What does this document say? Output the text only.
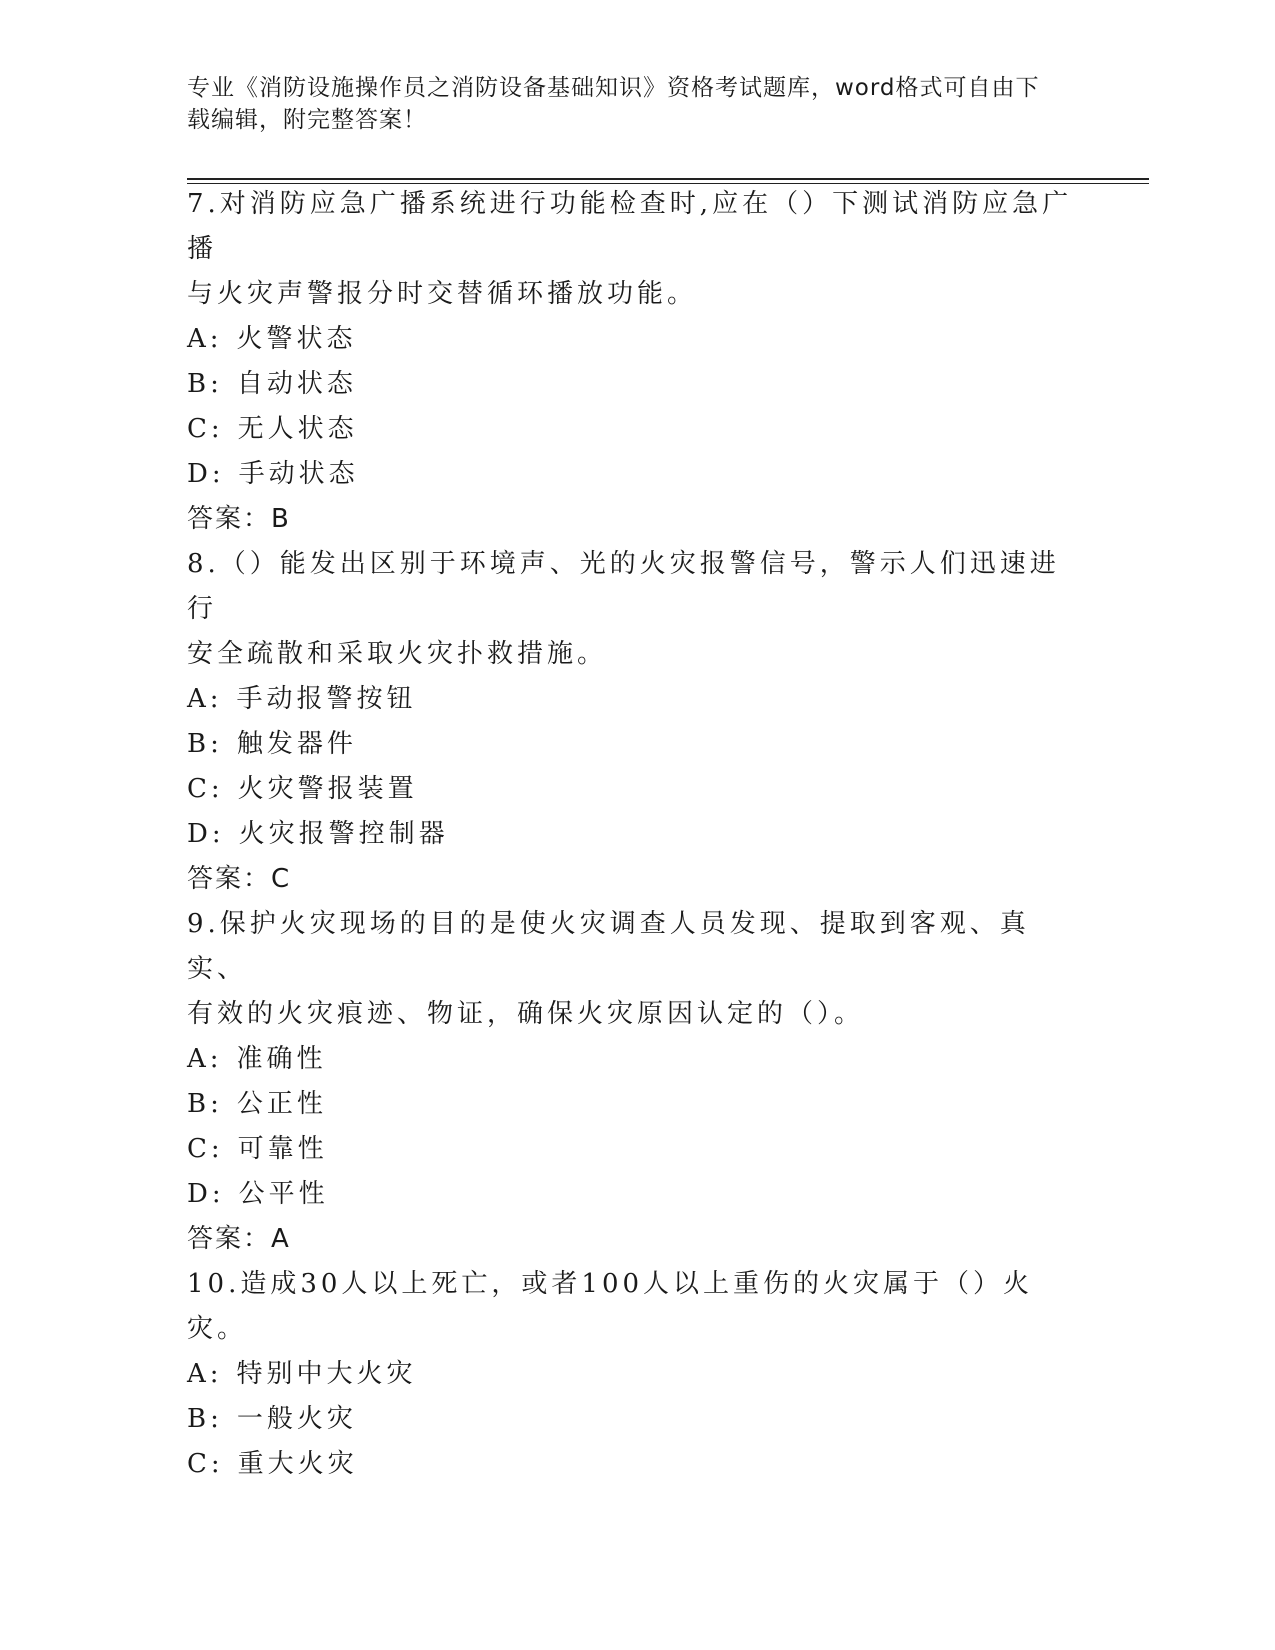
专业《消防设施操作员之消防设备基础知识》资格考试题库，word格式可自由下
载编辑，附完整答案！
7.对消防应急广播系统进行功能检查时,应在（）下测试消防应急广播
与火灾声警报分时交替循环播放功能。
A: 火警状态
B: 自动状态
C: 无人状态
D: 手动状态
答案：B
8.（）能发出区别于环境声、光的火灾报警信号，警示人们迅速进行
安全疏散和采取火灾扑救措施。
A: 手动报警按钮
B: 触发器件
C: 火灾警报装置
D: 火灾报警控制器
答案：C
9.保护火灾现场的目的是使火灾调查人员发现、提取到客观、真实、
有效的火灾痕迹、物证，确保火灾原因认定的（）。
A: 准确性
B: 公正性
C: 可靠性
D: 公平性
答案：A
10.造成30人以上死亡，或者100人以上重伤的火灾属于（）火灾。
A: 特别中大火灾
B: 一般火灾
C: 重大火灾
